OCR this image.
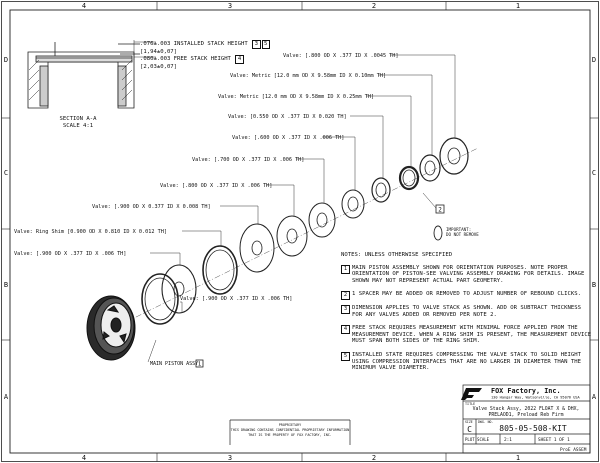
4	3	2	1
4	3	2	1
D
C
B
A
D
C
B
A
2
IMPORTANT:
DO NOT REMOVE
MAIN PISTON ASSY 1
Valve: [.800 OD X .377 ID X .0045 TH]
Valve: Metric [12.0 mm OD X 9.58mm ID X 0.10mm TH]
Valve: Metric [12.0 mm OD X 9.58mm ID X 0.25mm TH]
Valve: [0.550 OD X .377 ID X 0.020 TH]
Valve: [.600 OD X .377 ID X .006 TH]
Valve: [.700 OD X .377 ID X .006 TH]
Valve: [.800 OD X .377 ID X .006 TH]
Valve: [.900 OD X 0.377 ID X 0.008 TH]
Valve: Ring Shim [0.900 OD X 0.810 ID X 0.012 TH]
Valve: [.900 OD X .377 ID X .006 TH]
Valve: [.900 OD X .377 ID X .006 TH]
FOX Factory, Inc.
130 Hangar Way, Watsonville, CA 95076 USA
TITLE
Valve Stack Assy, 2022 FLOAT X & DHX,
PRELAOD1, Preload Reb Firm
SIZE
C
DWG. NO.
805-05-508-KIT
PLOT SCALE	2:1	SHEET 1 OF 1
ProE ASSEM
PROPRIETARY
THIS DRAWING CONTAINS CONFIDENTIAL PROPRIETARY INFORMATION
THAT IS THE PROPERTY OF FOX FACTORY, INC.
.076±.003 INSTALLED STACK HEIGHT 3 5
[1,94±0,07]
.080±.003 FREE STACK HEIGHT 4
[2,03±0,07]
SECTION A-A
SCALE 4:1
NOTES: UNLESS OTHERWISE SPECIFIED
1 MAIN PISTON ASSEMBLY SHOWN FOR ORIENTATION PURPOSES. NOTE PROPER ORIENTATION OF PISTON-SEE VALVING ASSEMBLY DRAWING FOR DETAILS. IMAGE SHOWN MAY NOT REPRESENT ACTUAL PART GEOMETRY.
2 1 SPACER MAY BE ADDED OR REMOVED TO ADJUST NUMBER OF REBOUND CLICKS.
3 DIMENSION APPLIES TO VALVE STACK AS SHOWN. ADD OR SUBTRACT THICKNESS FOR ANY VALVES ADDED OR REMOVED PER NOTE 2.
4 FREE STACK REQUIRES MEASUREMENT WITH MINIMAL FORCE APPLIED FROM THE MEASUREMENT DEVICE. WHEN A RING SHIM IS PRESENT, THE MEASUREMENT DEVICE MUST SPAN BOTH SIDES OF THE RING SHIM.
5 INSTALLED STATE REQUIRES COMPRESSING THE VALVE STACK TO SOLID HEIGHT USING COMPRESSION INTERFACES THAT ARE NO LARGER IN DIAMETER THAN THE MINIMUM VALVE DIAMETER.
